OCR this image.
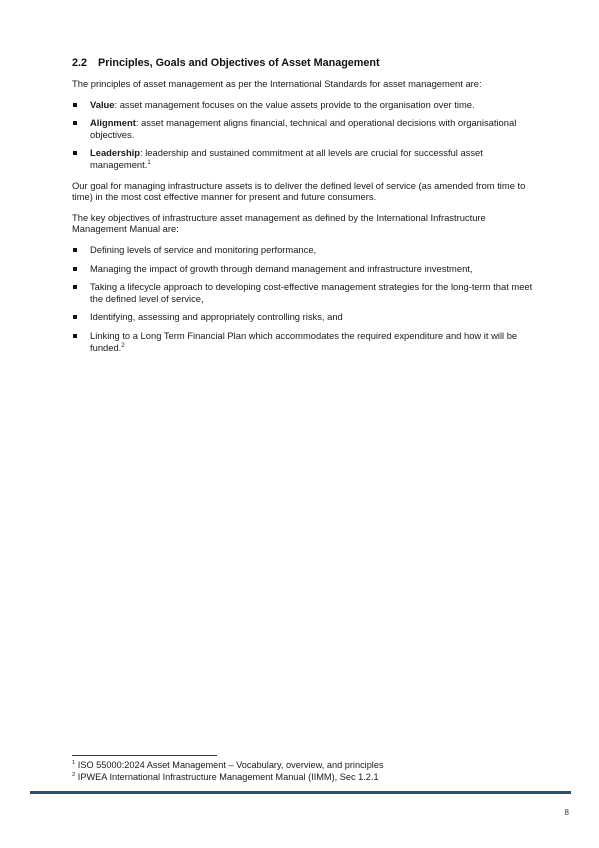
2.2 Principles, Goals and Objectives of Asset Management

The principles of asset management as per the International Standards for asset management are:

Value: asset management focuses on the value assets provide to the organisation over time.
Alignment: asset management aligns financial, technical and operational decisions with organisational objectives.
Leadership: leadership and sustained commitment at all levels are crucial for successful asset management.$^1$

Our goal for managing infrastructure assets is to deliver the defined level of service (as amended from time to time) in the most cost effective manner for present and future consumers.

The key objectives of infrastructure asset management as defined by the International Infrastructure Management Manual are:

Defining levels of service and monitoring performance,
Managing the impact of growth through demand management and infrastructure investment,
Taking a lifecycle approach to developing cost-effective management strategies for the long-term that meet the defined level of service,
Identifying, assessing and appropriately controlling risks, and
Linking to a Long Term Financial Plan which accommodates the required expenditure and how it will be funded.$^2$
$^1$ ISO 55000:2024 Asset Management – Vocabulary, overview, and principles
$^2$ IPWEA International Infrastructure Management Manual (IIMM), Sec 1.2.1
8
